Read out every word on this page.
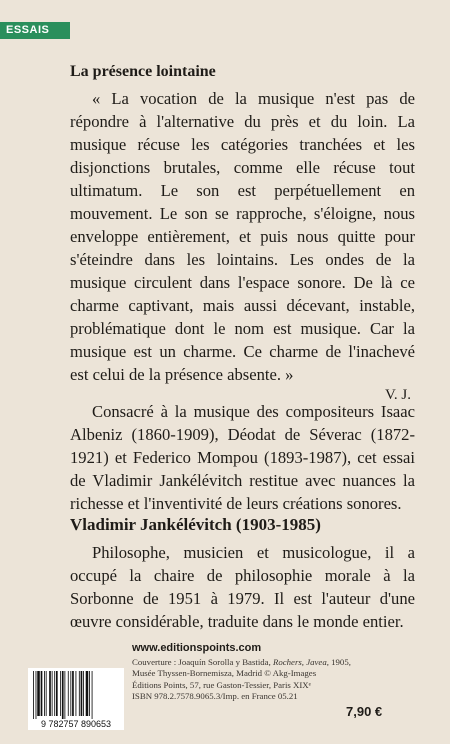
ESSAIS
La présence lointaine

« La vocation de la musique n'est pas de répondre à l'alternative du près et du loin. La musique récuse les catégories tranchées et les disjonctions brutales, comme elle récuse tout ultimatum. Le son est perpétuellement en mouvement. Le son se rapproche, s'éloigne, nous enveloppe entièrement, et puis nous quitte pour s'éteindre dans les lointains. Les ondes de la musique circulent dans l'espace sonore. De là ce charme captivant, mais aussi décevant, instable, problématique dont le nom est musique. Car la musique est un charme. Ce charme de l'inachevé est celui de la présence absente. »

V. J.

Consacré à la musique des compositeurs Isaac Albeniz (1860-1909), Déodat de Séverac (1872-1921) et Federico Mompou (1893-1987), cet essai de Vladimir Jankélévitch restitue avec nuances la richesse et l'inventivité de leurs créations sonores.

Vladimir Jankélévitch (1903-1985)

Philosophe, musicien et musicologue, il a occupé la chaire de philosophie morale à la Sorbonne de 1951 à 1979. Il est l'auteur d'une œuvre considérable, traduite dans le monde entier.

www.editionspoints.com
9 782757 890653
Couverture : Joaquín Sorolla y Bastida, Rochers, Javea, 1905,
Musée Thyssen-Bornemisza, Madrid © Akg-Images
Éditions Points, 57, rue Gaston-Tessier, Paris XIXᵉ
ISBN 978.2.7578.9065.3/Imp. en France 05.21
7,90 €
